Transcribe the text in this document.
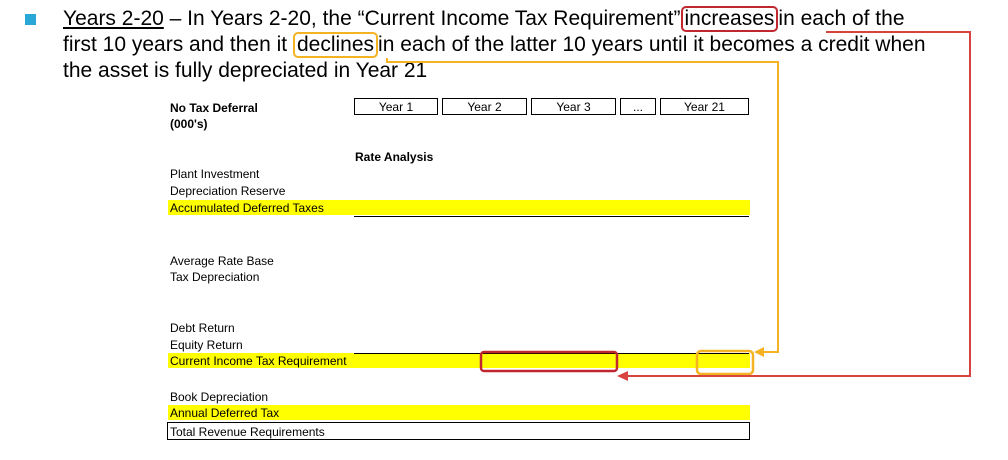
Years 2-20 – In Years 2-20, the “Current Income Tax Requirement” increases in each of the
first 10 years and then it declines in each of the latter 10 years until it becomes a credit when
the asset is fully depreciated in Year 21
No Tax Deferral
(000's)
Year 1	Year 2	Year 3	...	Year 21
Rate Analysis
Plant Investment
Depreciation Reserve
Accumulated Deferred Taxes
Average Rate Base
Tax Depreciation
Debt Return
Equity Return
Current Income Tax Requirement
Book Depreciation
Annual Deferred Tax
Total Revenue Requirements
